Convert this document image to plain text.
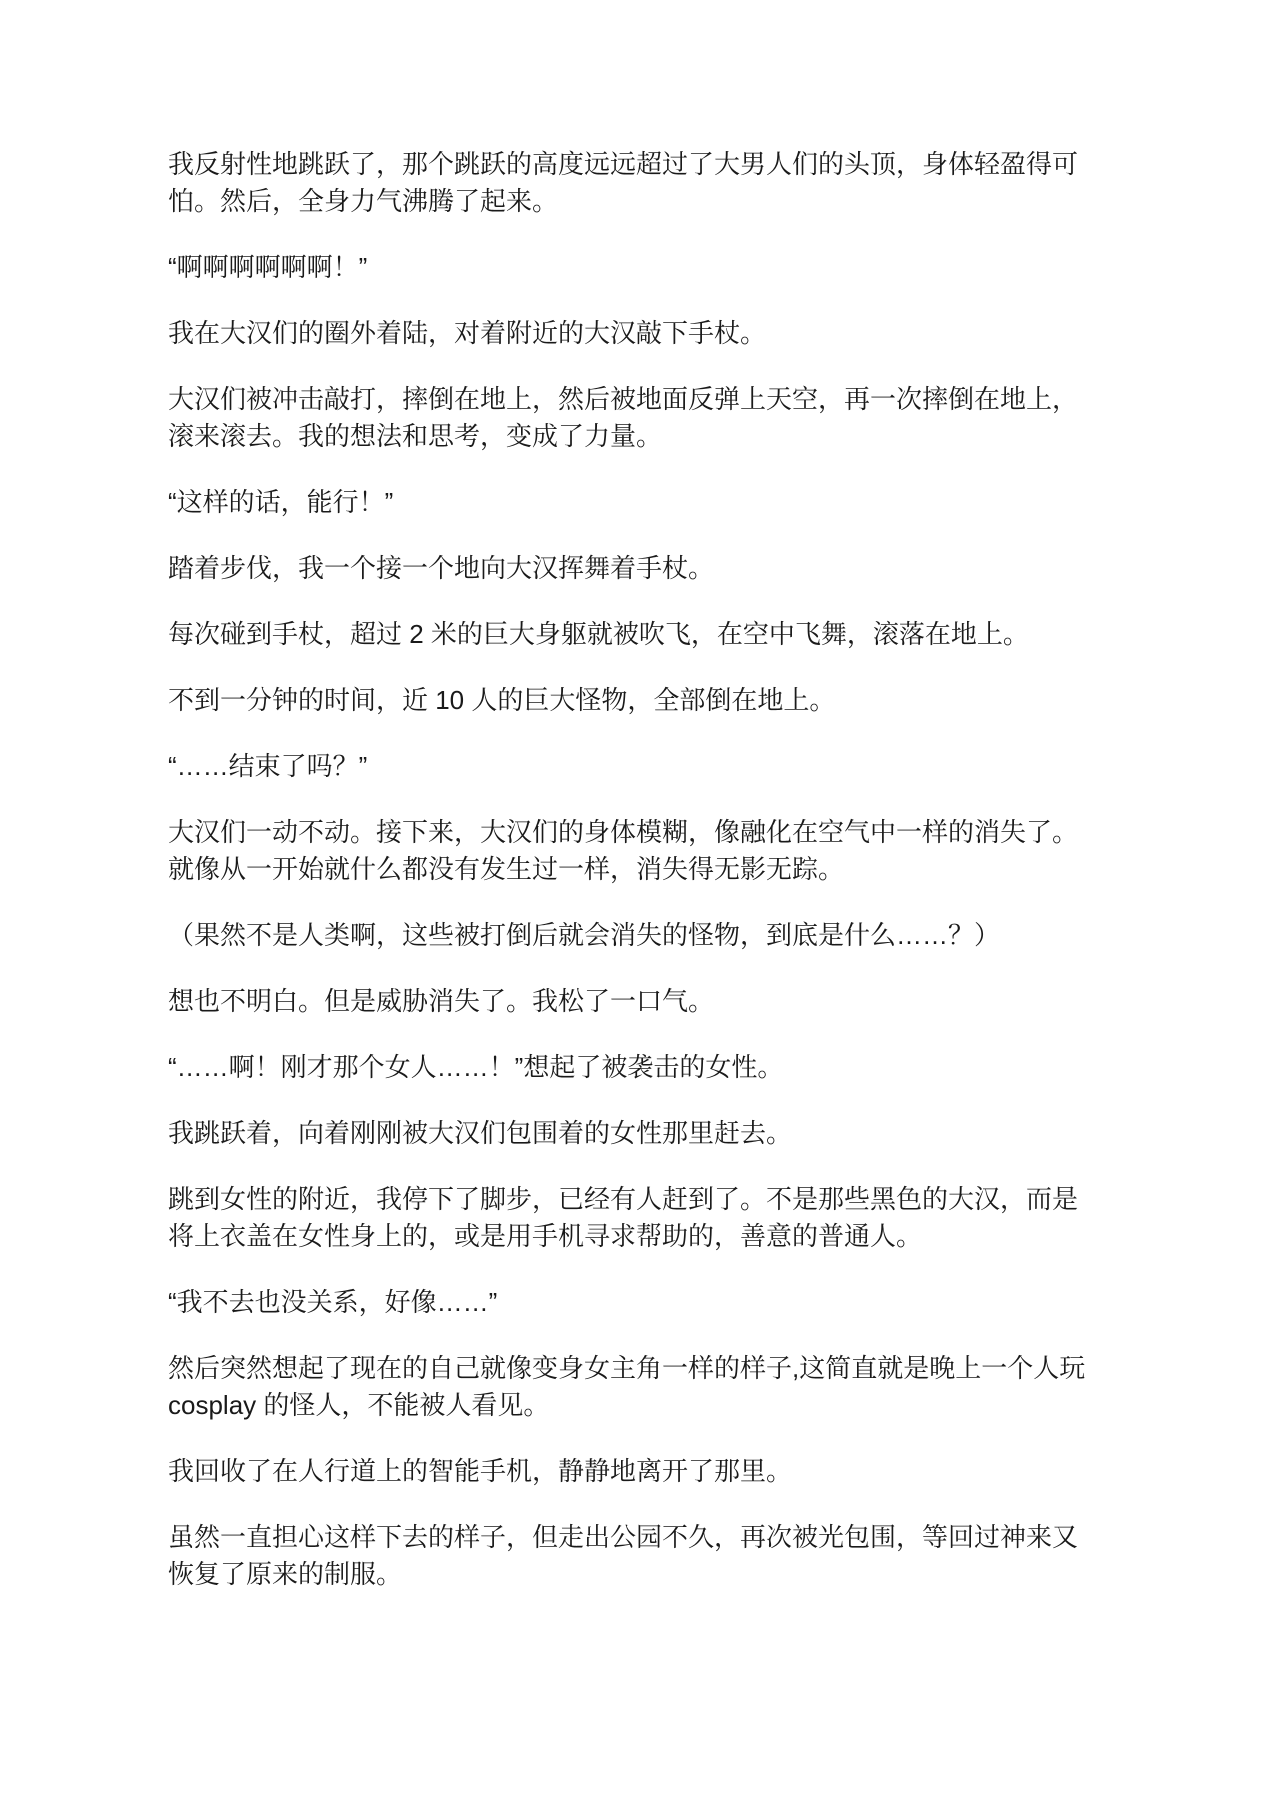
我反射性地跳跃了，那个跳跃的高度远远超过了大男人们的头顶，身体轻盈得可怕。然后，全身力气沸腾了起来。

“啊啊啊啊啊啊！”

我在大汉们的圈外着陆，对着附近的大汉敲下手杖。

大汉们被冲击敲打，摔倒在地上，然后被地面反弹上天空，再一次摔倒在地上，滚来滚去。我的想法和思考，变成了力量。

“这样的话，能行！”

踏着步伐，我一个接一个地向大汉挥舞着手杖。

每次碰到手杖，超过 2 米的巨大身躯就被吹飞，在空中飞舞，滚落在地上。

不到一分钟的时间，近 10 人的巨大怪物，全部倒在地上。

“……结束了吗？”

大汉们一动不动。接下来，大汉们的身体模糊，像融化在空气中一样的消失了。就像从一开始就什么都没有发生过一样，消失得无影无踪。

（果然不是人类啊，这些被打倒后就会消失的怪物，到底是什么……？）

想也不明白。但是威胁消失了。我松了一口气。

“……啊！刚才那个女人……！”想起了被袭击的女性。

我跳跃着，向着刚刚被大汉们包围着的女性那里赶去。

跳到女性的附近，我停下了脚步，已经有人赶到了。不是那些黑色的大汉，而是将上衣盖在女性身上的，或是用手机寻求帮助的，善意的普通人。

“我不去也没关系，好像……”

然后突然想起了现在的自己就像变身女主角一样的样子,这简直就是晚上一个人玩 cosplay 的怪人，不能被人看见。

我回收了在人行道上的智能手机，静静地离开了那里。

虽然一直担心这样下去的样子，但走出公园不久，再次被光包围，等回过神来又恢复了原来的制服。
